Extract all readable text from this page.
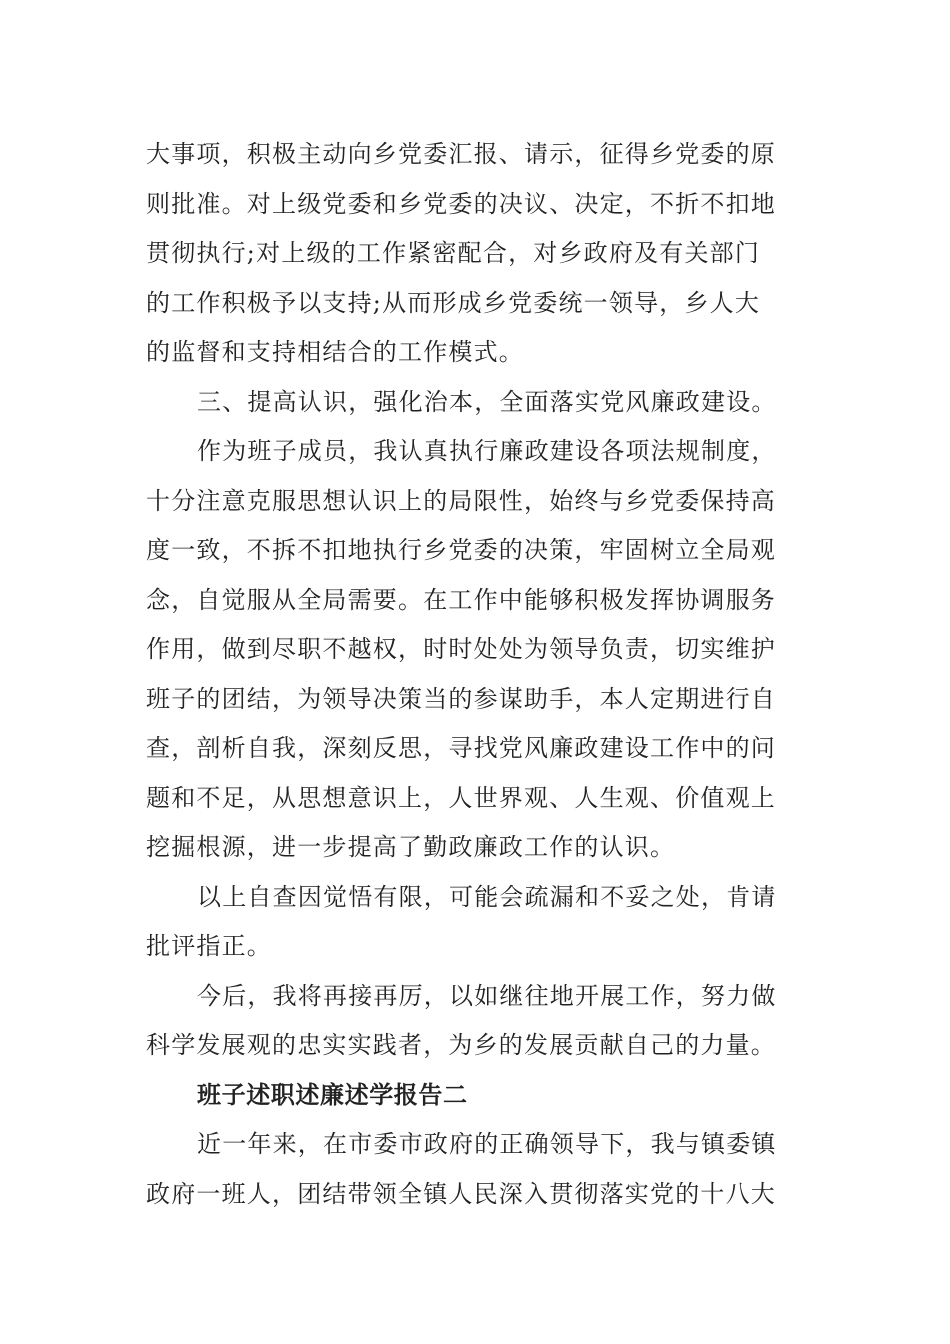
大事项，积极主动向乡党委汇报、请示，征得乡党委的原
则批准。对上级党委和乡党委的决议、决定，不折不扣地
贯彻执行;对上级的工作紧密配合，对乡政府及有关部门
的工作积极予以支持;从而形成乡党委统一领导，乡人大
的监督和支持相结合的工作模式。
三、提高认识，强化治本，全面落实党风廉政建设。
作为班子成员，我认真执行廉政建设各项法规制度，
十分注意克服思想认识上的局限性，始终与乡党委保持高
度一致，不拆不扣地执行乡党委的决策，牢固树立全局观
念，自觉服从全局需要。在工作中能够积极发挥协调服务
作用，做到尽职不越权，时时处处为领导负责，切实维护
班子的团结，为领导决策当的参谋助手，本人定期进行自
查，剖析自我，深刻反思，寻找党风廉政建设工作中的问
题和不足，从思想意识上，人世界观、人生观、价值观上
挖掘根源，进一步提高了勤政廉政工作的认识。
以上自查因觉悟有限，可能会疏漏和不妥之处，肯请
批评指正。
今后，我将再接再厉，以如继往地开展工作，努力做
科学发展观的忠实实践者，为乡的发展贡献自己的力量。
班子述职述廉述学报告二
近一年来，在市委市政府的正确领导下，我与镇委镇
政府一班人，团结带领全镇人民深入贯彻落实党的十八大
